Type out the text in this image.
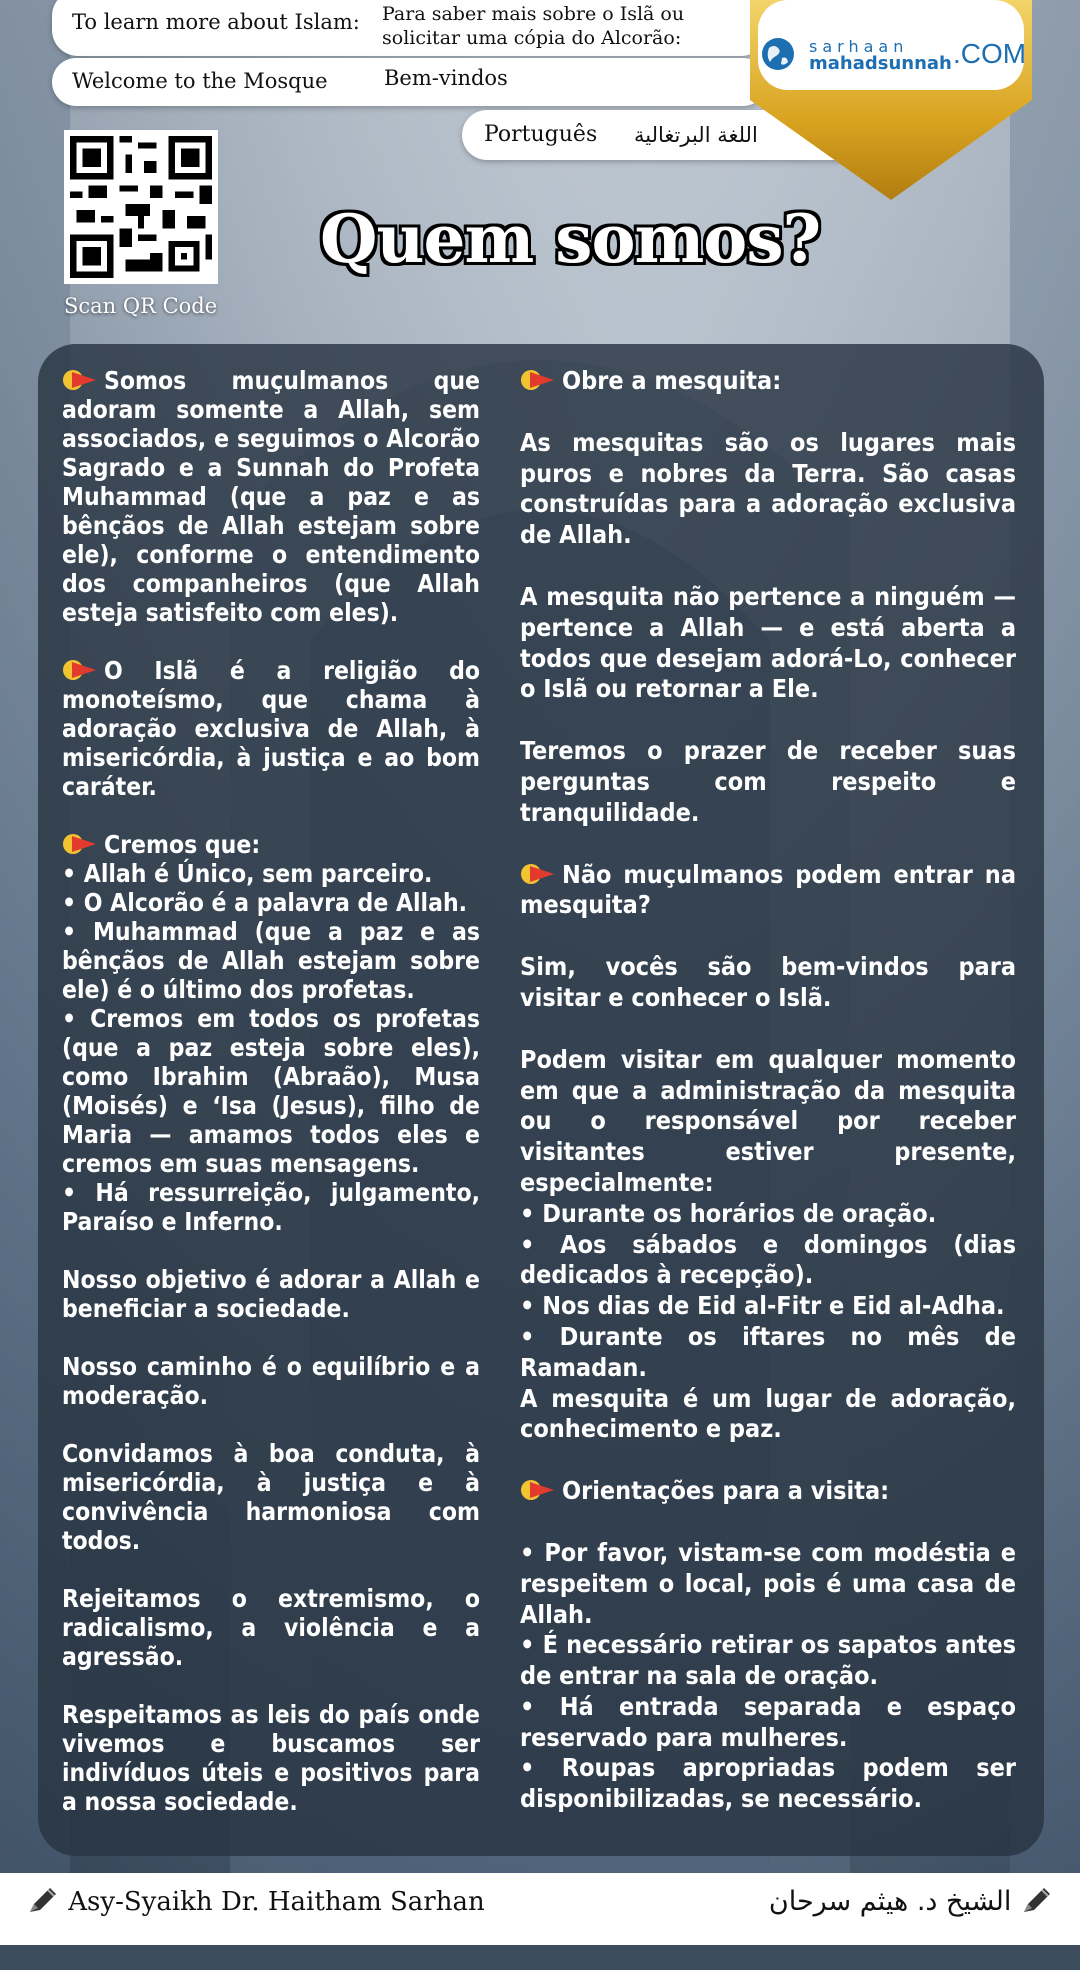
To learn more about Islam: Para saber mais sobre o Islã ou
solicitar uma cópia do Alcorão:
Welcome to the Mosque	Bem-vindos
Português اللغة البرتغالية
sarhaan
mahadsunnah .COM
Scan QR Code
Quem somos?

Somos muçulmanos que adoram somente a Allah, sem associados, e seguimos o Alcorão Sagrado e a Sunnah do Profeta Muhammad (que a paz e as bênçãos de Allah estejam sobre ele), conforme o entendimento dos companheiros (que Allah esteja satisfeito com eles).

O Islã é a religião do monoteísmo, que chama à adoração exclusiva de Allah, à misericórdia, à justiça e ao bom caráter.

Cremos que:

• Allah é Único, sem parceiro.

• O Alcorão é a palavra de Allah.

• Muhammad (que a paz e as bênçãos de Allah estejam sobre ele) é o último dos profetas.

• Cremos em todos os profetas (que a paz esteja sobre eles), como Ibrahim (Abraão), Musa (Moisés) e ‘Isa (Jesus), filho de Maria — amamos todos eles e cremos em suas mensagens.

• Há ressurreição, julgamento, Paraíso e Inferno.

Nosso objetivo é adorar a Allah e beneficiar a sociedade.

Nosso caminho é o equilíbrio e a moderação.

Convidamos à boa conduta, à misericórdia, à justiça e à convivência harmoniosa com todos.

Rejeitamos o extremismo, o radicalismo, a violência e a agressão.

Respeitamos as leis do país onde vivemos e buscamos ser indivíduos úteis e positivos para a nossa sociedade.

Obre a mesquita:

As mesquitas são os lugares mais puros e nobres da Terra. São casas construídas para a adoração exclusiva de Allah.

A mesquita não pertence a ninguém — pertence a Allah — e está aberta a todos que desejam adorá-Lo, conhecer o Islã ou retornar a Ele.

Teremos o prazer de receber suas perguntas com respeito e tranquilidade.

Não muçulmanos podem entrar na mesquita?

Sim, vocês são bem-vindos para visitar e conhecer o Islã.

Podem visitar em qualquer momento em que a administração da mesquita ou o responsável por receber visitantes estiver presente, especialmente:

• Durante os horários de oração.

• Aos sábados e domingos (dias dedicados à recepção).

• Nos dias de Eid al-Fitr e Eid al-Adha.

• Durante os iftares no mês de Ramadan.

A mesquita é um lugar de adoração, conhecimento e paz.

Orientações para a visita:

• Por favor, vistam-se com modéstia e respeitem o local, pois é uma casa de Allah.

• É necessário retirar os sapatos antes de entrar na sala de oração.

• Há entrada separada e espaço reservado para mulheres.

• Roupas apropriadas podem ser disponibilizadas, se necessário.

Asy-Syaikh Dr. Haitham Sarhan	الشيخ د. هيثم سرحان
